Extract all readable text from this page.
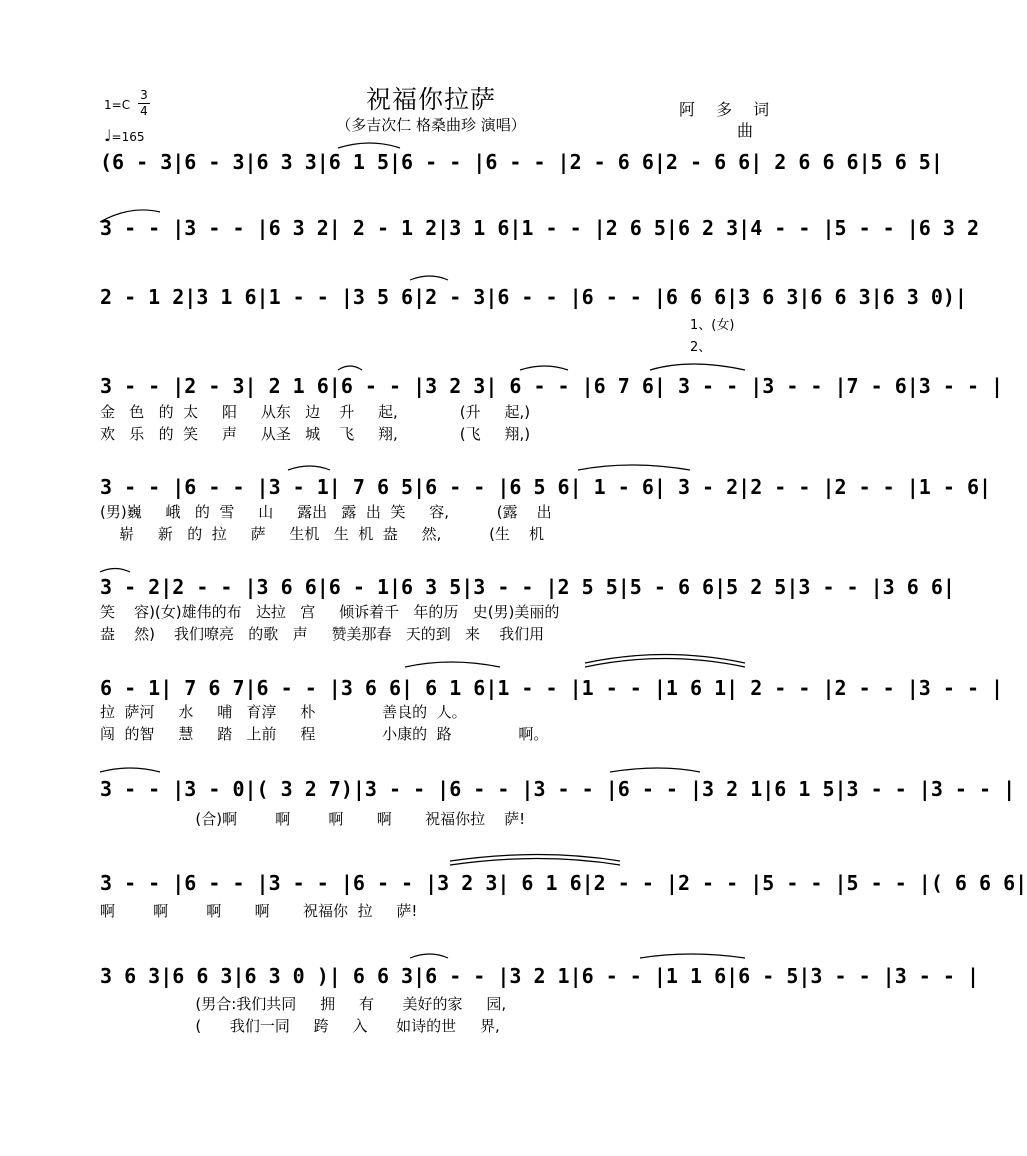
1=C
3
4
♩=165
祝福你拉萨
（多吉次仁 格桑曲珍 演唱）
阿 多 词
曲
(6 - 3|6 - 3|6 3 3|6 1 5|6 - - |6 - - |2 - 6 6|2 - 6 6| 2 6 6 6|5 6 5|
3 - - |3 - - |6 3 2| 2 - 1 2|3 1 6|1 - - |2 6 5|6 2 3|4 - - |5 - - |6 3 2
2 - 1 2|3 1 6|1 - - |3 5 6|2 - 3|6 - - |6 - - |6 6 6|3 6 3|6 6 3|6 3 0)|
1、(女)
2、
3 - - |2 - 3| 2 1 6|6 - - |3 2 3| 6 - - |6 7 6| 3 - - |3 - - |7 - 6|3 - - |
金   色   的  太     阳     从东   边    升     起,             (升     起,)
欢   乐   的  笑     声     从圣   城    飞     翔,             (飞     翔,)
3 - - |6 - - |3 - 1| 7 6 5|6 - - |6 5 6| 1 - 6| 3 - 2|2 - - |2 - - |1 - 6|
(男)巍     峨   的  雪     山     露出   露  出  笑     容,          (露    出
崭     新   的  拉     萨     生机   生  机  盎     然,          (生    机
3 - 2|2 - - |3 6 6|6 - 1|6 3 5|3 - - |2 5 5|5 - 6 6|5 2 5|3 - - |3 6 6|
笑    容)(女)雄伟的布   达拉   宫     倾诉着千   年的历   史(男)美丽的
盎    然)    我们嘹亮   的歌   声     赞美那春   天的到   来    我们用
6 - 1| 7 6 7|6 - - |3 6 6| 6 1 6|1 - - |1 - - |1 6 1| 2 - - |2 - - |3 - - |
拉  萨河     水     哺   育淳     朴              善良的  人。
闯  的智     慧     踏   上前     程              小康的  路              啊。
3 - - |3 - 0|( 3 2 7)|3 - - |6 - - |3 - - |6 - - |3 2 1|6 1 5|3 - - |3 - - |
(合)啊        啊        啊       啊       祝福你拉    萨!
3 - - |6 - - |3 - - |6 - - |3 2 3| 6 1 6|2 - - |2 - - |5 - - |5 - - |( 6 6 6|
啊        啊        啊       啊       祝福你  拉     萨!
3 6 3|6 6 3|6 3 0 )| 6 6 3|6 - - |3 2 1|6 - - |1 1 6|6 - 5|3 - - |3 - - |
(男合:我们共同     拥     有      美好的家     园,
(      我们一同     跨     入      如诗的世     界,
